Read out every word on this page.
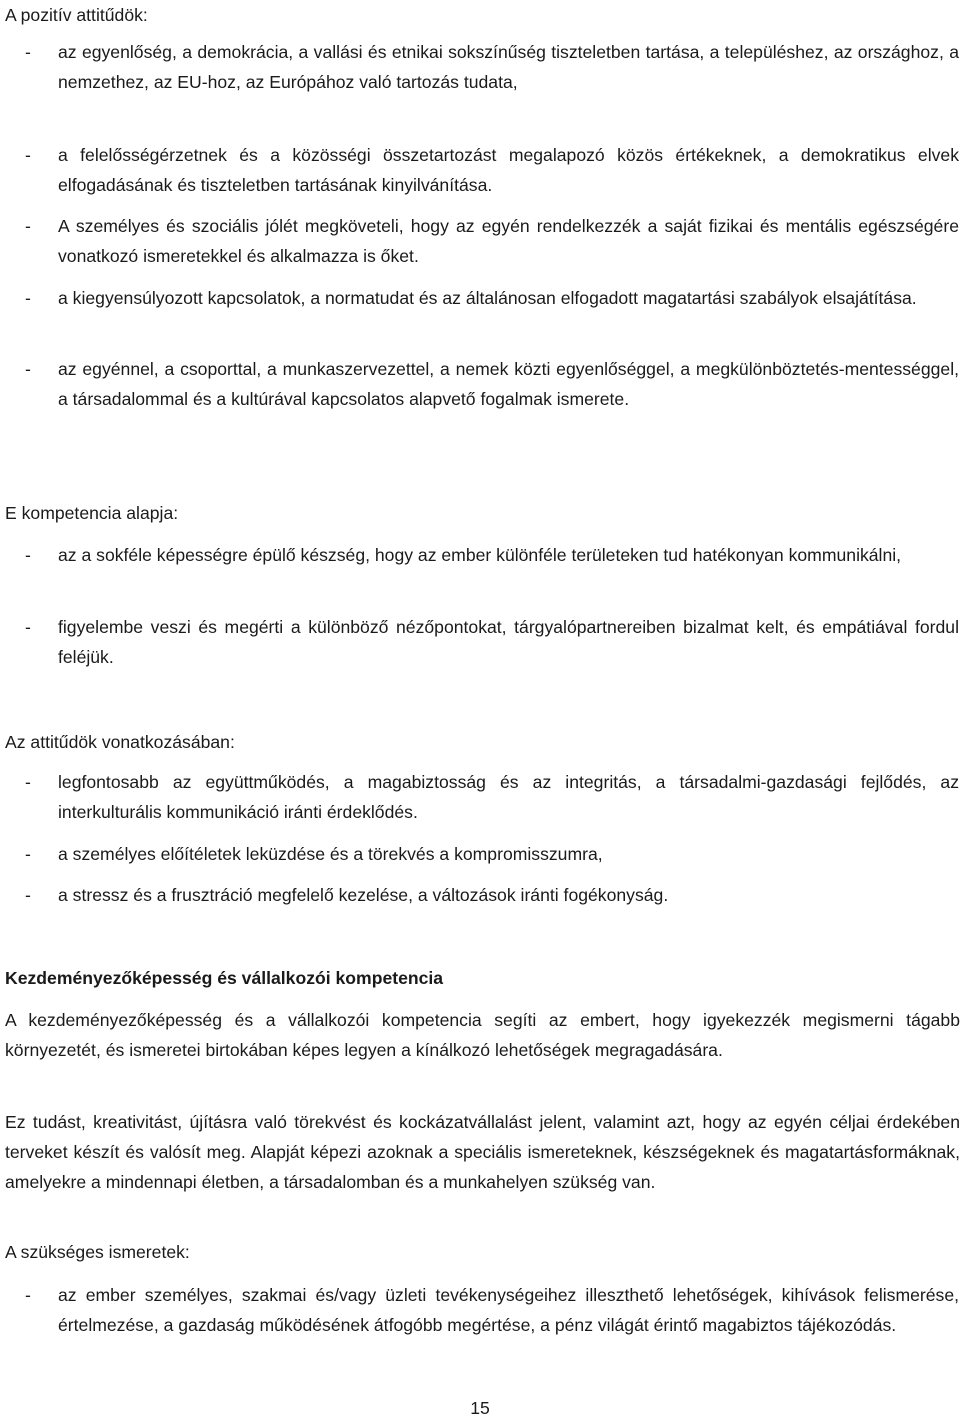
A pozitív attitűdök:
- az egyenlőség, a demokrácia, a vallási és etnikai sokszínűség tiszteletben tartása, a településhez, az országhoz, a nemzethez, az EU-hoz, az Európához való tartozás tudata,
- a felelősségérzetnek és a közösségi összetartozást megalapozó közös értékeknek, a demokratikus elvek elfogadásának és tiszteletben tartásának kinyilvánítása.
- A személyes és szociális jólét megköveteli, hogy az egyén rendelkezzék a saját fizikai és mentális egészségére vonatkozó ismeretekkel és alkalmazza is őket.
- a kiegyensúlyozott kapcsolatok, a normatudat és az általánosan elfogadott magatartási szabályok elsajátítása.
- az egyénnel, a csoporttal, a munkaszervezettel, a nemek közti egyenlőséggel, a megkülönböztetés-mentességgel, a társadalommal és a kultúrával kapcsolatos alapvető fogalmak ismerete.
E kompetencia alapja:
- az a sokféle képességre épülő készség, hogy az ember különféle területeken tud hatékonyan kommunikálni,
- figyelembe veszi és megérti a különböző nézőpontokat, tárgyalópartnereiben bizalmat kelt, és empátiával fordul feléjük.
Az attitűdök vonatkozásában:
- legfontosabb az együttműködés, a magabiztosság és az integritás, a társadalmi-gazdasági fejlődés, az interkulturális kommunikáció iránti érdeklődés.
- a személyes előítéletek leküzdése és a törekvés a kompromisszumra,
- a stressz és a frusztráció megfelelő kezelése, a változások iránti fogékonyság.
Kezdeményezőképesség és vállalkozói kompetencia
A kezdeményezőképesség és a vállalkozói kompetencia segíti az embert, hogy igyekezzék megismerni tágabb környezetét, és ismeretei birtokában képes legyen a kínálkozó lehetőségek megragadására.
Ez tudást, kreativitást, újításra való törekvést és kockázatvállalást jelent, valamint azt, hogy az egyén céljai érdekében terveket készít és valósít meg. Alapját képezi azoknak a speciális ismereteknek, készségeknek és magatartásformáknak, amelyekre a mindennapi életben, a társadalomban és a munkahelyen szükség van.
A szükséges ismeretek:
- az ember személyes, szakmai és/vagy üzleti tevékenységeihez illeszthető lehetőségek, kihívások felismerése, értelmezése, a gazdaság működésének átfogóbb megértése, a pénz világát érintő magabiztos tájékozódás.
15
